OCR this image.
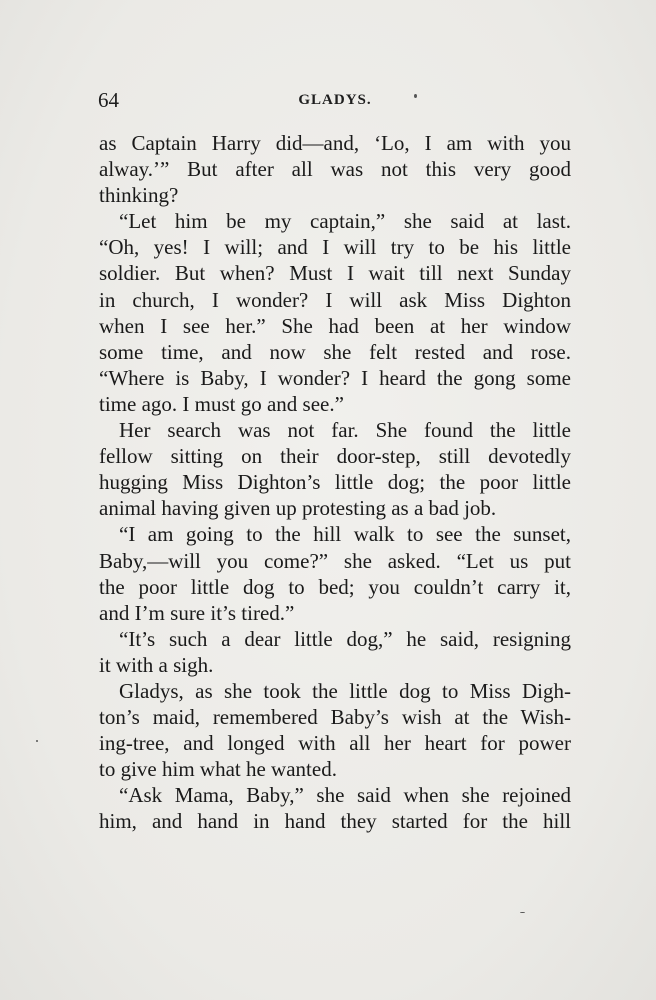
64	GLADYS.
as Captain Harry did—and, ‘Lo, I am with you
alway.’” But after all was not this very good
thinking?
“Let him be my captain,” she said at last.
“Oh, yes! I will; and I will try to be his little
soldier. But when? Must I wait till next Sunday
in church, I wonder? I will ask Miss Dighton
when I see her.” She had been at her window
some time, and now she felt rested and rose.
“Where is Baby, I wonder? I heard the gong some
time ago. I must go and see.”
Her search was not far. She found the little
fellow sitting on their door-step, still devotedly
hugging Miss Dighton’s little dog; the poor little
animal having given up protesting as a bad job.
“I am going to the hill walk to see the sunset,
Baby,—will you come?” she asked. “Let us put
the poor little dog to bed; you couldn’t carry it,
and I’m sure it’s tired.”
“It’s such a dear little dog,” he said, resigning
it with a sigh.
Gladys, as she took the little dog to Miss Digh-
ton’s maid, remembered Baby’s wish at the Wish-
ing-tree, and longed with all her heart for power
to give him what he wanted.
“Ask Mama, Baby,” she said when she rejoined
him, and hand in hand they started for the hill
